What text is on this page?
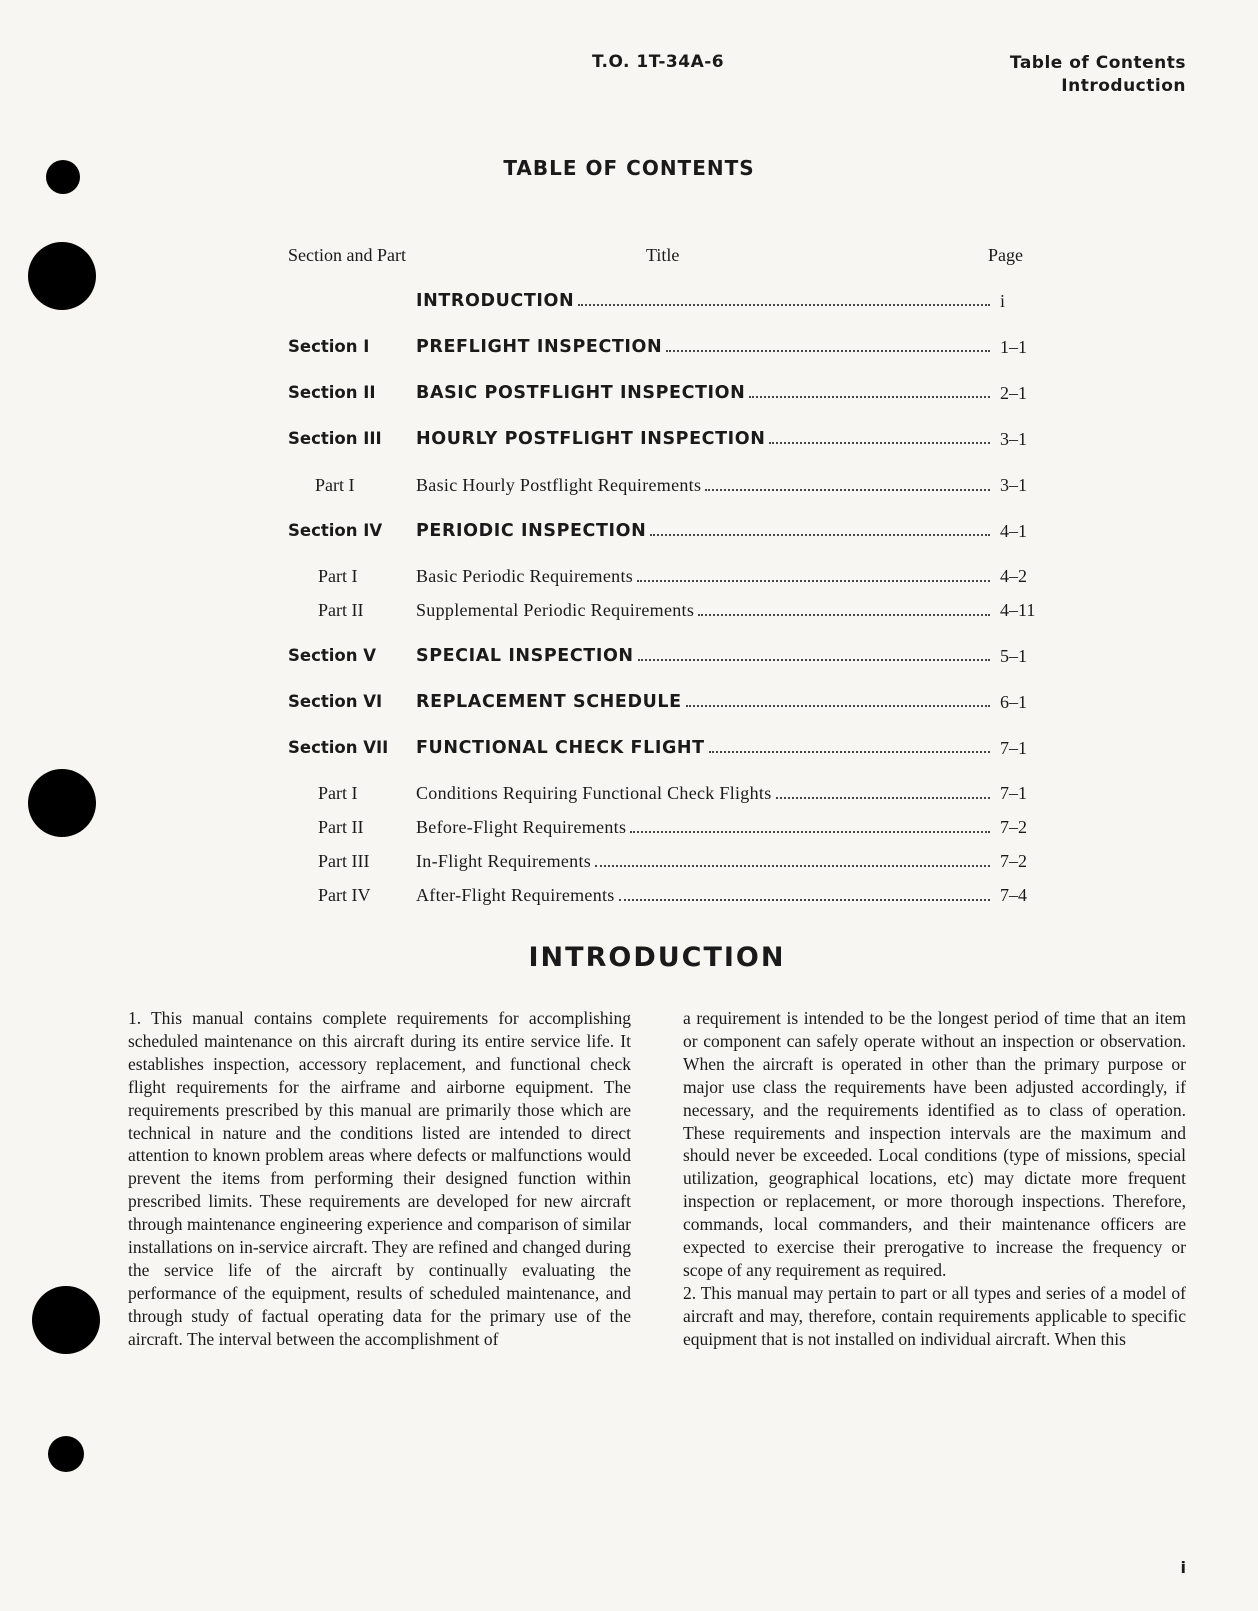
T.O. 1T-34A-6	Table of Contents
Introduction
TABLE OF CONTENTS
Section and Part	Title	Page
INTRODUCTION	i
Section I	PREFLIGHT INSPECTION	1–1
Section II BASIC POSTFLIGHT INSPECTION	2–1
Section III HOURLY POSTFLIGHT INSPECTION	3–1
Part I	Basic Hourly Postflight Requirements	3–1
Section IV PERIODIC INSPECTION	4–1
Part I	Basic Periodic Requirements	4–2
Part II	Supplemental Periodic Requirements	4–11
Section V SPECIAL INSPECTION	5–1
Section VI REPLACEMENT SCHEDULE	6–1
Section VII FUNCTIONAL CHECK FLIGHT	7–1
Part I	Conditions Requiring Functional Check Flights	7–1
Part II	Before-Flight Requirements	7–2
Part III	In-Flight Requirements	7–2
Part IV	After-Flight Requirements	7–4
INTRODUCTION

1. This manual contains complete requirements for accomplishing scheduled maintenance on this aircraft during its entire service life. It establishes inspection, accessory replacement, and functional check flight requirements for the airframe and airborne equipment. The requirements prescribed by this manual are primarily those which are technical in nature and the conditions listed are intended to direct attention to known problem areas where defects or malfunctions would prevent the items from performing their designed function within prescribed limits. These requirements are developed for new aircraft through maintenance engineering experience and comparison of similar installations on in-service aircraft. They are refined and changed during the service life of the aircraft by continually evaluating the performance of the equipment, results of scheduled maintenance, and through study of factual operating data for the primary use of the aircraft. The interval between the accomplishment of

a requirement is intended to be the longest period of time that an item or component can safely operate without an inspection or observation. When the aircraft is operated in other than the primary purpose or major use class the requirements have been adjusted accordingly, if necessary, and the requirements identified as to class of operation. These requirements and inspection intervals are the maximum and should never be exceeded. Local conditions (type of missions, special utilization, geographical locations, etc) may dictate more frequent inspection or replacement, or more thorough inspections. Therefore, commands, local commanders, and their maintenance officers are expected to exercise their prerogative to increase the frequency or scope of any requirement as required.

2. This manual may pertain to part or all types and series of a model of aircraft and may, therefore, contain requirements applicable to specific equipment that is not installed on individual aircraft. When this

i
